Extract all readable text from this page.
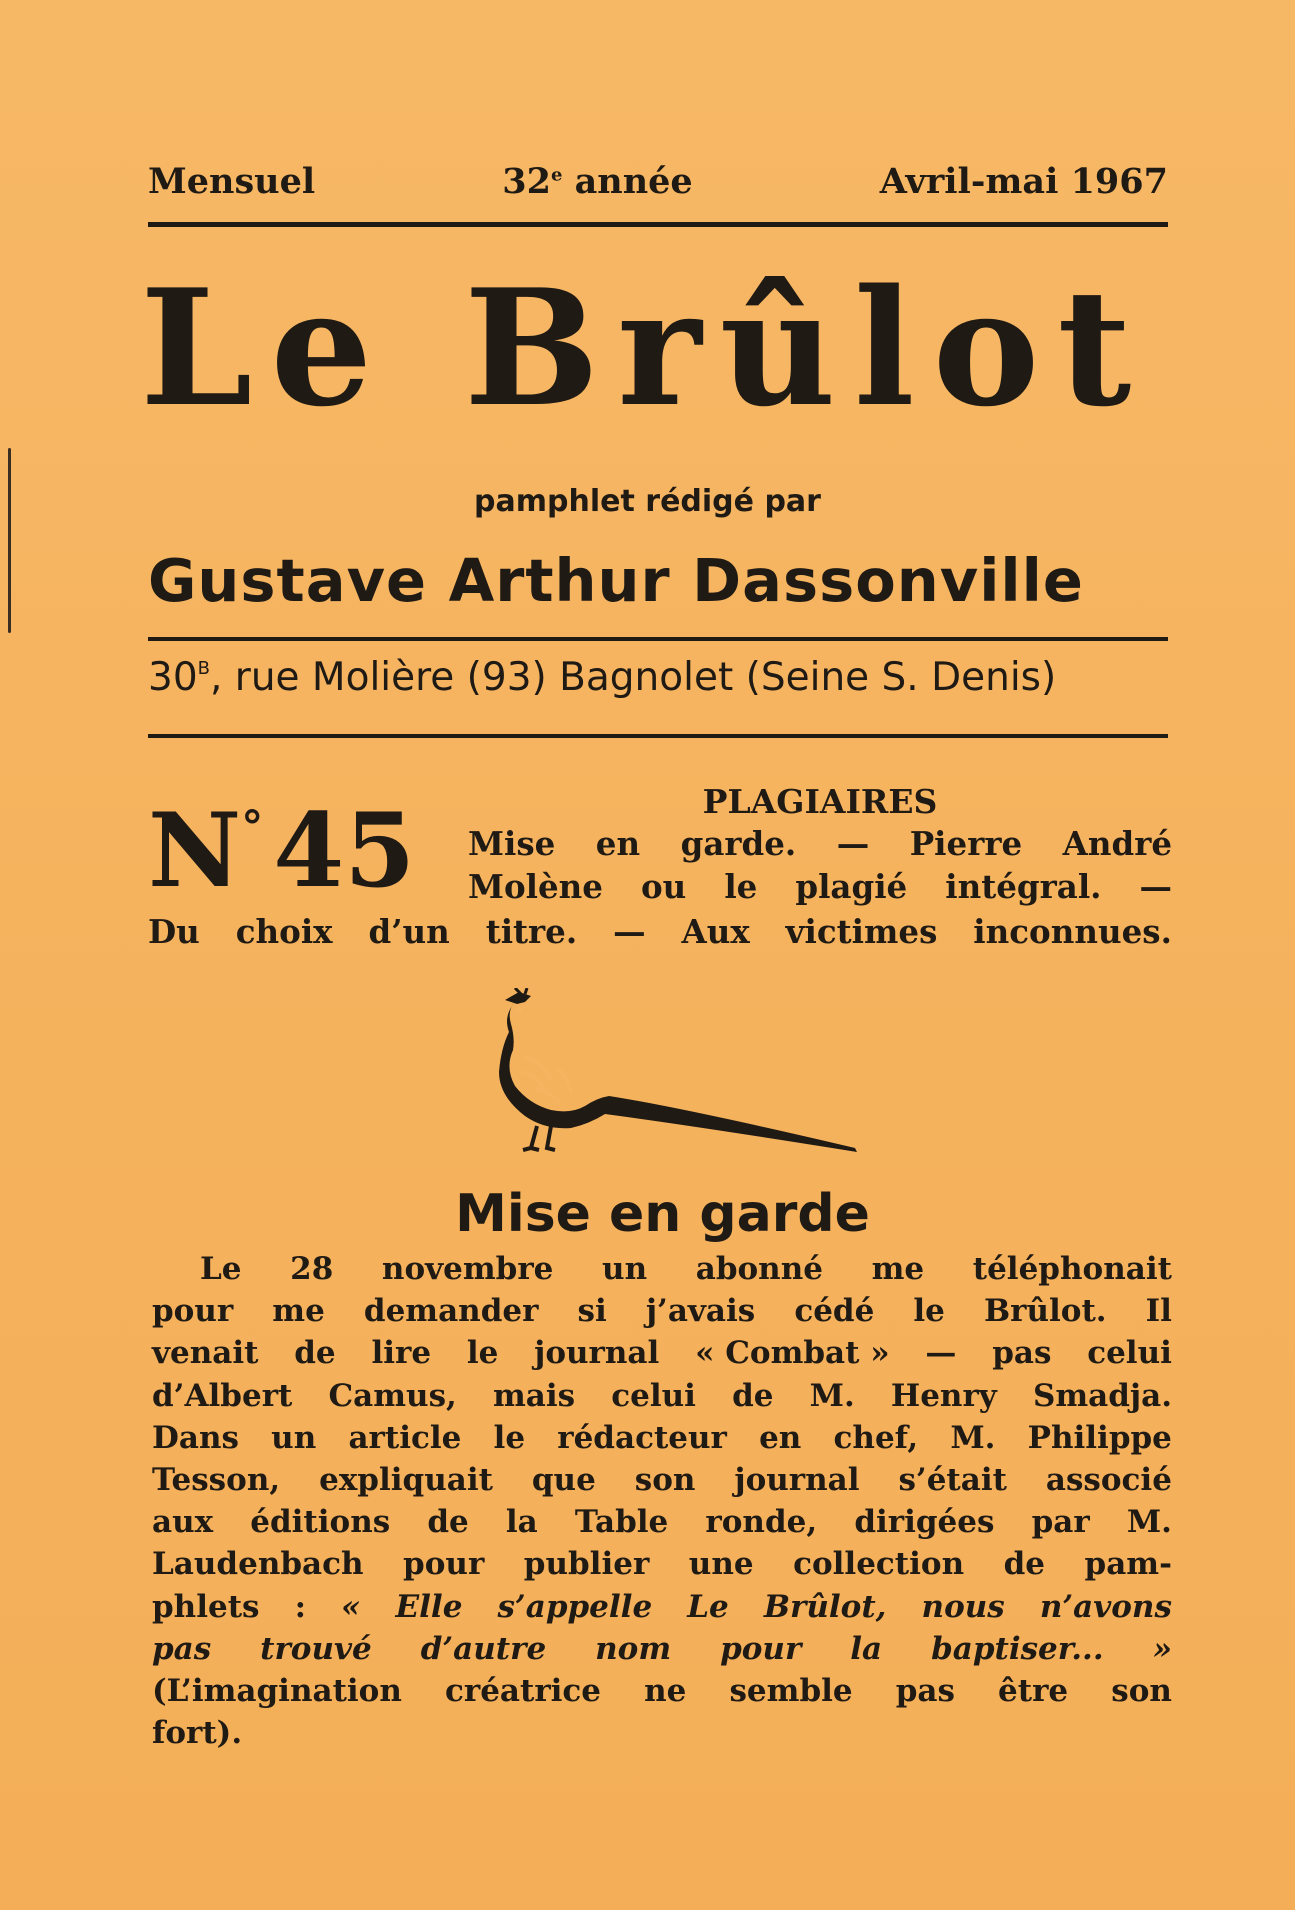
Mensuel	32e année	Avril-mai 1967
Le Brûlot
pamphlet rédigé par
Gustave Arthur Dassonville
$30^B$, rue Molière (93) Bagnolet (Seine S. Denis)
N°45	PLAGIAIRES
Mise en garde. — Pierre André
Molène ou le plagié intégral. —
Du choix d’un titre. — Aux victimes inconnues.
Mise en garde
Le 28 novembre un abonné me téléphonait
pour me demander si j’avais cédé le Brûlot. Il
venait de lire le journal « Combat » — pas celui
d’Albert Camus, mais celui de M. Henry Smadja.
Dans un article le rédacteur en chef, M. Philippe
Tesson, expliquait que son journal s’était associé
aux éditions de la Table ronde, dirigées par M.
Laudenbach pour publier une collection de pam-
phlets : « Elle s’appelle Le Brûlot, nous n’avons
pas trouvé d’autre nom pour la baptiser... »
(L’imagination créatrice ne semble pas être son
fort).
